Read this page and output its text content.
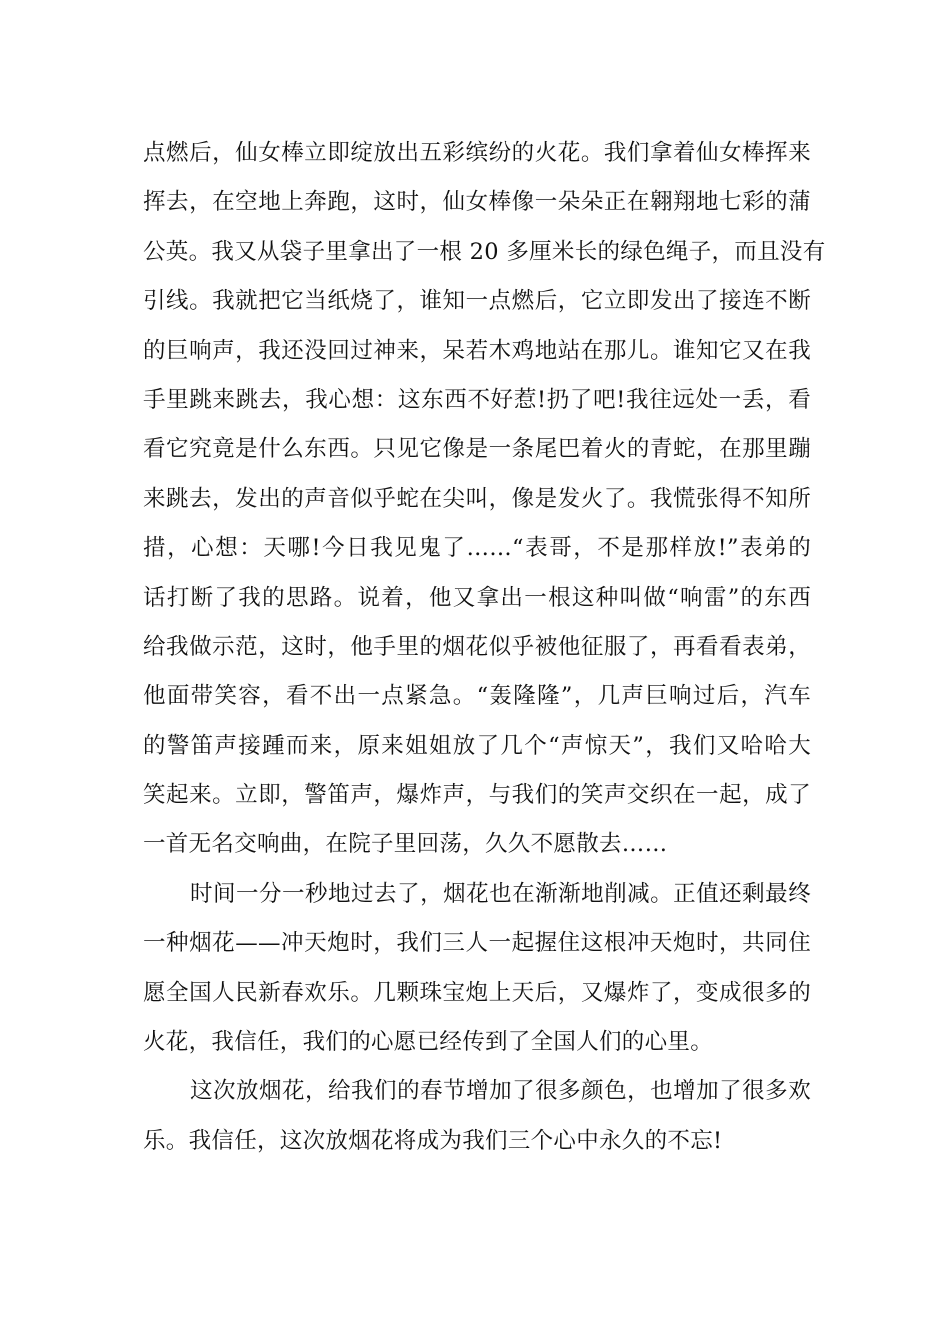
点燃后，仙女棒立即绽放出五彩缤纷的火花。我们拿着仙女棒挥来
挥去，在空地上奔跑，这时，仙女棒像一朵朵正在翱翔地七彩的蒲
公英。我又从袋子里拿出了一根 20 多厘米长的绿色绳子，而且没有
引线。我就把它当纸烧了，谁知一点燃后，它立即发出了接连不断
的巨响声，我还没回过神来，呆若木鸡地站在那儿。谁知它又在我
手里跳来跳去，我心想：这东西不好惹!扔了吧!我往远处一丢，看
看它究竟是什么东西。只见它像是一条尾巴着火的青蛇，在那里蹦
来跳去，发出的声音似乎蛇在尖叫，像是发火了。我慌张得不知所
措，心想：天哪!今日我见鬼了……“表哥，不是那样放!”表弟的
话打断了我的思路。说着，他又拿出一根这种叫做“响雷”的东西
给我做示范，这时，他手里的烟花似乎被他征服了，再看看表弟，
他面带笑容，看不出一点紧急。“轰隆隆”，几声巨响过后，汽车
的警笛声接踵而来，原来姐姐放了几个“声惊天”，我们又哈哈大
笑起来。立即，警笛声，爆炸声，与我们的笑声交织在一起，成了
一首无名交响曲，在院子里回荡，久久不愿散去……
时间一分一秒地过去了，烟花也在渐渐地削减。正值还剩最终
一种烟花——冲天炮时，我们三人一起握住这根冲天炮时，共同住
愿全国人民新春欢乐。几颗珠宝炮上天后，又爆炸了，变成很多的
火花，我信任，我们的心愿已经传到了全国人们的心里。
这次放烟花，给我们的春节增加了很多颜色，也增加了很多欢
乐。我信任，这次放烟花将成为我们三个心中永久的不忘!
